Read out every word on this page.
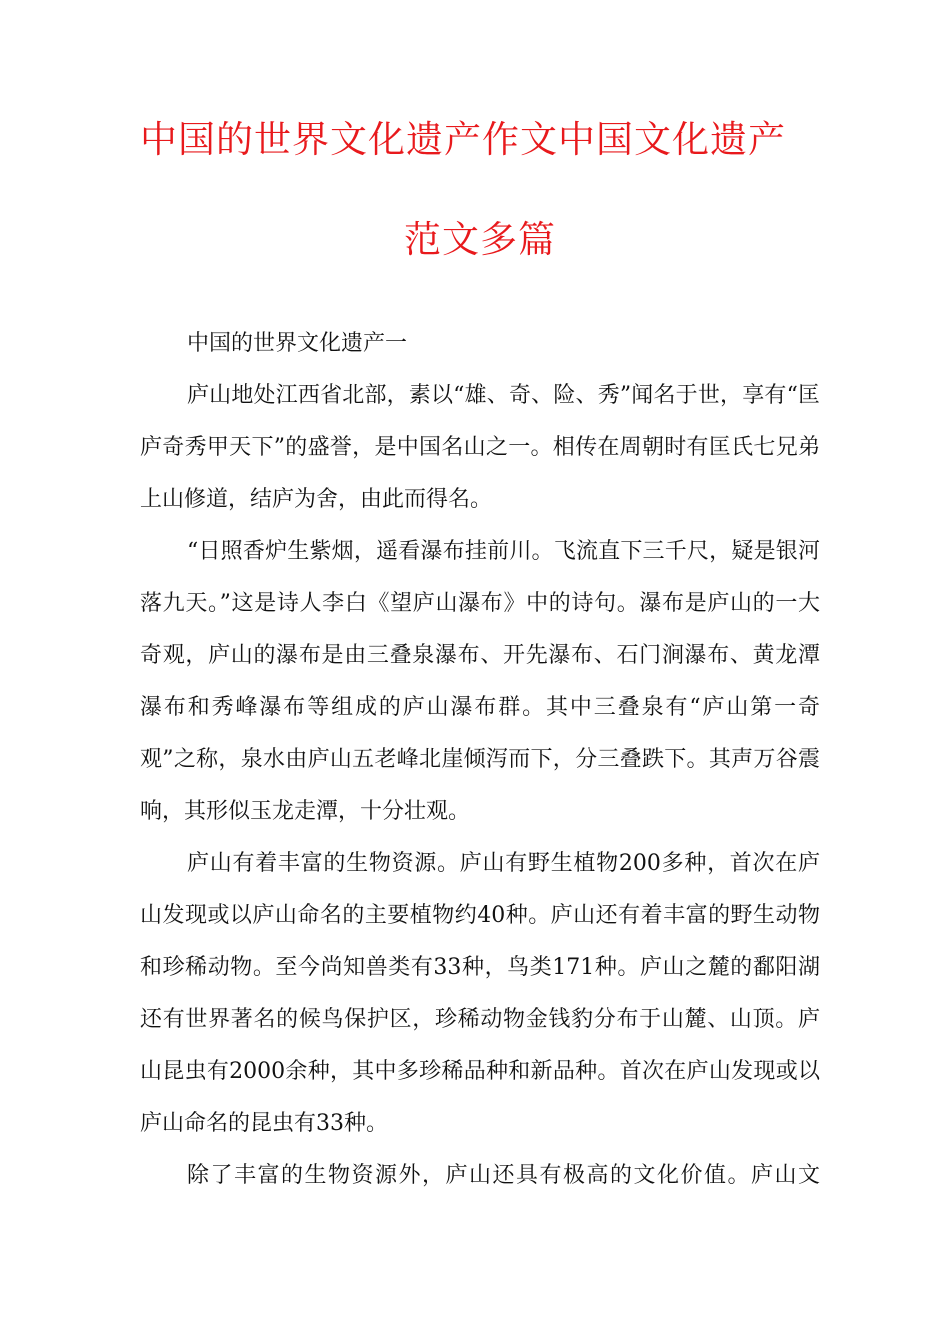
中国的世界文化遗产作文中国文化遗产
范文多篇

中国的世界文化遗产一

庐山地处江西省北部，素以“雄、奇、险、秀”闻名于世，享有“匡庐奇秀甲天下”的盛誉，是中国名山之一。相传在周朝时有匡氏七兄弟上山修道，结庐为舍，由此而得名。

“日照香炉生紫烟，遥看瀑布挂前川。飞流直下三千尺，疑是银河落九天。”这是诗人李白《望庐山瀑布》中的诗句。瀑布是庐山的一大奇观，庐山的瀑布是由三叠泉瀑布、开先瀑布、石门涧瀑布、黄龙潭瀑布和秀峰瀑布等组成的庐山瀑布群。其中三叠泉有“庐山第一奇观”之称，泉水由庐山五老峰北崖倾泻而下，分三叠跌下。其声万谷震响，其形似玉龙走潭，十分壮观。

庐山有着丰富的生物资源。庐山有野生植物200多种，首次在庐山发现或以庐山命名的主要植物约40种。庐山还有着丰富的野生动物和珍稀动物。至今尚知兽类有33种，鸟类171种。庐山之麓的鄱阳湖还有世界著名的候鸟保护区，珍稀动物金钱豹分布于山麓、山顶。庐山昆虫有2000余种，其中多珍稀品种和新品种。首次在庐山发现或以庐山命名的昆虫有33种。

除了丰富的生物资源外，庐山还具有极高的文化价值。庐山文
